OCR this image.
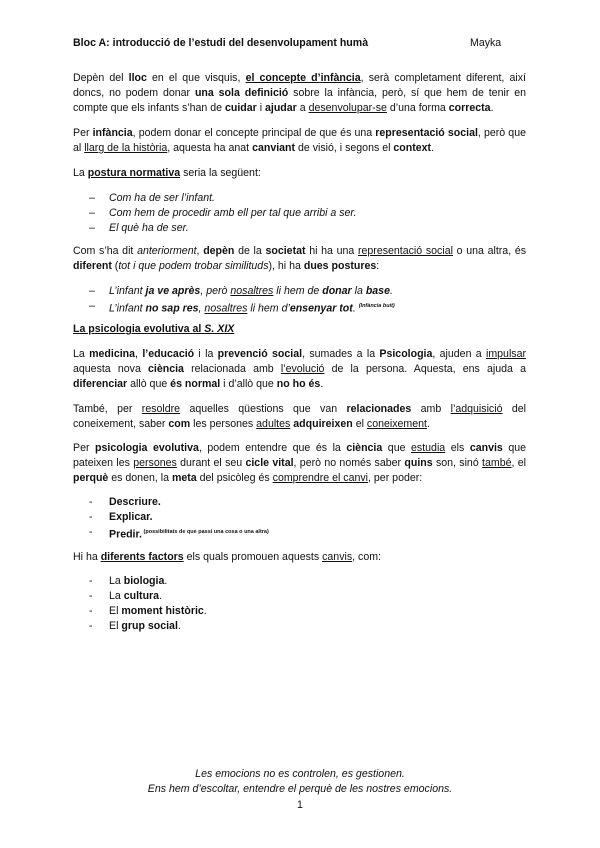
Bloc A: introducció de l’estudi del desenvolupament humà	Mayka
Depèn del lloc en el que visquis, el concepte d’infància, serà completament diferent, així doncs, no podem donar una sola definició sobre la infància, però, sí que hem de tenir en compte que els infants s’han de cuidar i ajudar a desenvolupar-se d’una forma correcta.
Per infància, podem donar el concepte principal de que és una representació social, però que al llarg de la història, aquesta ha anat canviant de visió, i segons el context.
La postura normativa seria la següent:
– Com ha de ser l’infant.
– Com hem de procedir amb ell per tal que arribi a ser.
– El què ha de ser.
Com s’ha dit anteriorment, depèn de la societat hi ha una representació social o una altra, és diferent (tot i que podem trobar similituds), hi ha dues postures:
– L’infant ja ve après, però nosaltres li hem de donar la base.
– L’infant no sap res, nosaltres li hem d’ensenyar tot. $^{(Infància buit)}$
La psicologia evolutiva al S. XIX
La medicina, l’educació i la prevenció social, sumades a la Psicologia, ajuden a impulsar aquesta nova ciència relacionada amb l’evolució de la persona. Aquesta, ens ajuda a diferenciar allò que és normal i d’allò que no ho és.
També, per resoldre aquelles qüestions que van relacionades amb l’adquisició del coneixement, saber com les persones adultes adquireixen el coneixement.
Per psicologia evolutiva, podem entendre que és la ciència que estudia els canvis que pateixen les persones durant el seu cicle vital, però no només saber quins son, sinó també, el perquè es donen, la meta del psicòleg és comprendre el canvi, per poder:
- Descriure.
- Explicar.
- Predir. $^{(possibilitats de que passi una cosa o una altra)}$
Hi ha diferents factors els quals promouen aquests canvis, com:
- La biologia.
- La cultura.
- El moment històric.
- El grup social.
Les emocions no es controlen, es gestionen.
Ens hem d’escoltar, entendre el perquè de les nostres emocions.
1
